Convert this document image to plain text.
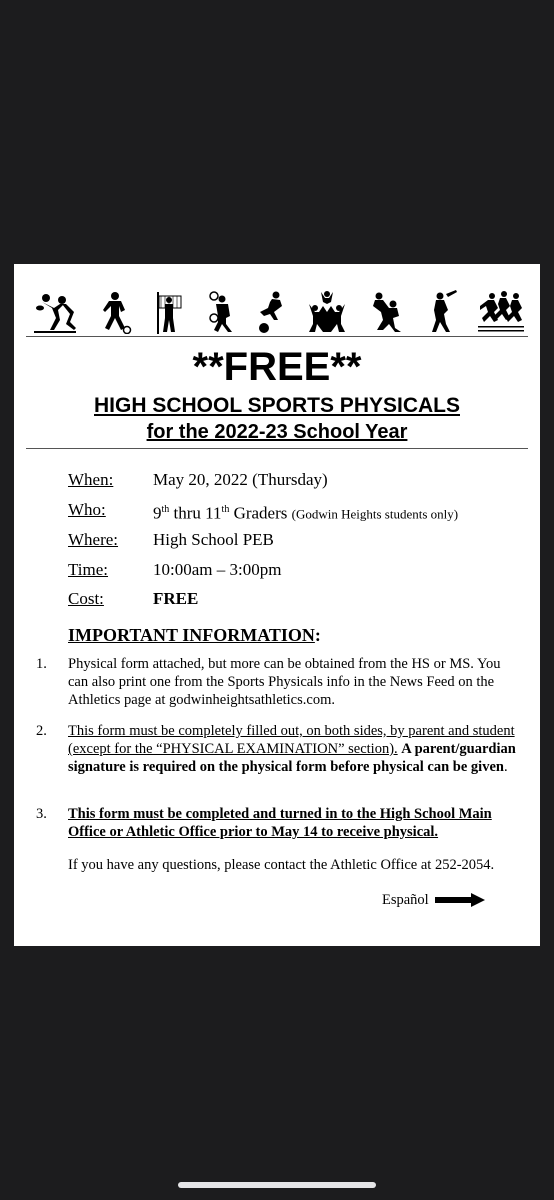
**FREE**
HIGH SCHOOL SPORTS PHYSICALS
for the 2022-23 School Year
When: May 20, 2022 (Thursday)
Who:	9th thru 11th Graders (Godwin Heights students only)
Where: High School PEB
Time:	10:00am – 3:00pm
Cost:	FREE
IMPORTANT INFORMATION:
1. Physical form attached, but more can be obtained from the HS or MS. You can also print one from the Sports Physicals info in the News Feed on the Athletics page at godwinheightsathletics.com.
2. This form must be completely filled out, on both sides, by parent and student (except for the “PHYSICAL EXAMINATION” section). A parent/guardian signature is required on the physical form before physical can be given.
3. This form must be completed and turned in to the High School Main Office or Athletic Office prior to May 14 to receive physical.
If you have any questions, please contact the Athletic Office at 252-2054.
Español
